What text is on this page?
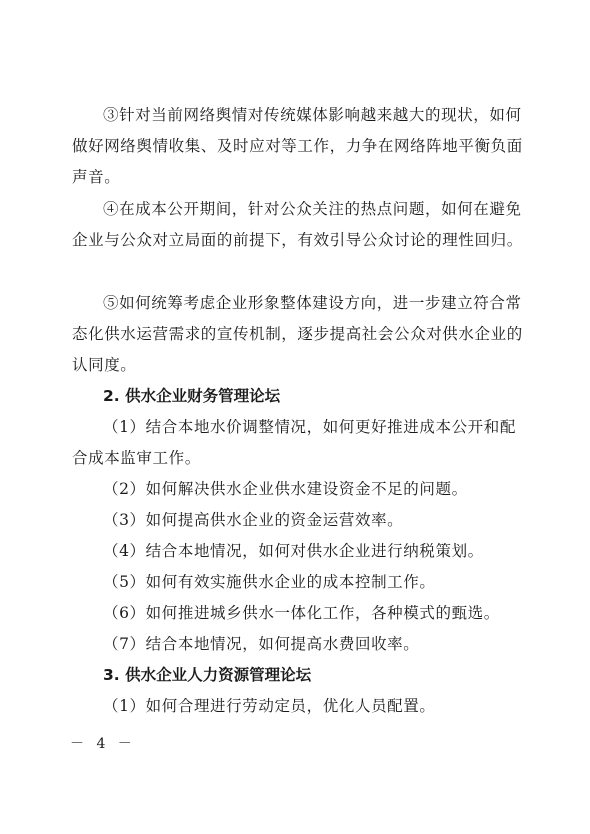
③针对当前网络舆情对传统媒体影响越来越大的现状，如何做好网络舆情收集、及时应对等工作，力争在网络阵地平衡负面声音。

④在成本公开期间，针对公众关注的热点问题，如何在避免企业与公众对立局面的前提下，有效引导公众讨论的理性回归。

⑤如何统筹考虑企业形象整体建设方向，进一步建立符合常态化供水运营需求的宣传机制，逐步提高社会公众对供水企业的认同度。

2. 供水企业财务管理论坛

（1）结合本地水价调整情况，如何更好推进成本公开和配合成本监审工作。

（2）如何解决供水企业供水建设资金不足的问题。

（3）如何提高供水企业的资金运营效率。

（4）结合本地情况，如何对供水企业进行纳税策划。

（5）如何有效实施供水企业的成本控制工作。

（6）如何推进城乡供水一体化工作，各种模式的甄选。

（7）结合本地情况，如何提高水费回收率。

3. 供水企业人力资源管理论坛

（1）如何合理进行劳动定员，优化人员配置。

－ 4 －
